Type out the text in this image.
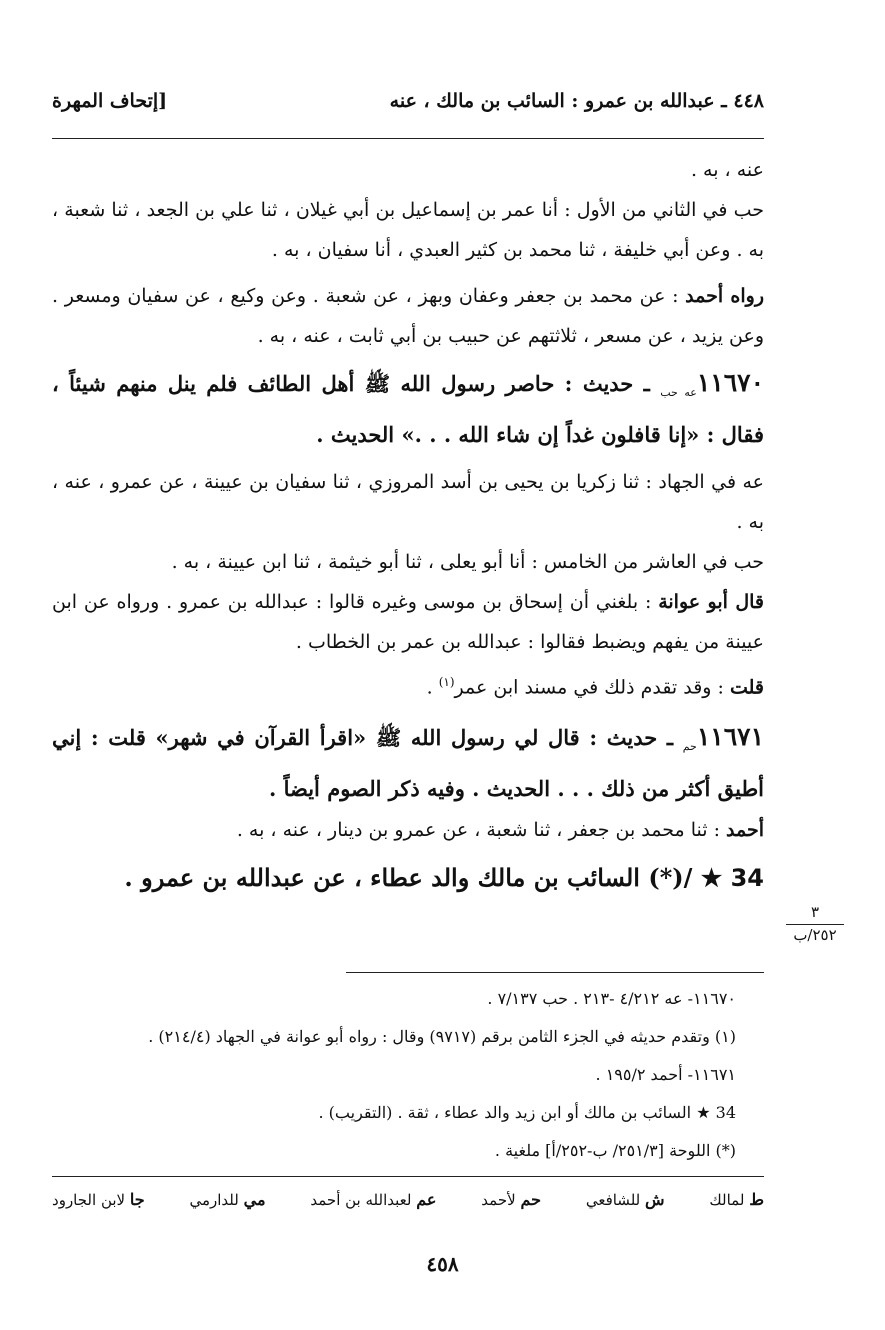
٤٤٨ ـ عبدالله بن عمرو : السائب بن مالك ، عنه
[إتحاف المهرة

عنه ، به .

حب في الثاني من الأول : أنا عمر بن إسماعيل بن أبي غيلان ، ثنا علي بن الجعد ، ثنا شعبة ، به . وعن أبي خليفة ، ثنا محمد بن كثير العبدي ، أنا سفيان ، به .

رواه أحمد : عن محمد بن جعفر وعفان وبهز ، عن شعبة . وعن وكيع ، عن سفيان ومسعر . وعن يزيد ، عن مسعر ، ثلاثتهم عن حبيب بن أبي ثابت ، عنه ، به .

$١١٦٧٠_{عه حب}$ ـ حديث : حاصر رسول الله ﷺ أهل الطائف فلم ينل منهم شيئاً ، فقال : «إنا قافلون غداً إن شاء الله . . .» الحديث .

عه في الجهاد : ثنا زكريا بن يحيى بن أسد المروزي ، ثنا سفيان بن عيينة ، عن عمرو ، عنه ، به .

حب في العاشر من الخامس : أنا أبو يعلى ، ثنا أبو خيثمة ، ثنا ابن عيينة ، به .

قال أبو عوانة : بلغني أن إسحاق بن موسى وغيره قالوا : عبدالله بن عمرو . ورواه عن ابن عيينة من يفهم ويضبط فقالوا : عبدالله بن عمر بن الخطاب .

قلت : وقد تقدم ذلك في مسند ابن عمر$^{(١)}$ .

$١١٦٧١_{حم}$ ـ حديث : قال لي رسول الله ﷺ «اقرأ القرآن في شهر» قلت : إني أطيق أكثر من ذلك . . . الحديث . وفيه ذكر الصوم أيضاً .

أحمد : ثنا محمد بن جعفر ، ثنا شعبة ، عن عمرو بن دينار ، عنه ، به .

34 ★ /(*) السائب بن مالك والد عطاء ، عن عبدالله بن عمرو .

٣
٢٥٢/ب

١١٦٧٠- عه ٤/٢١٢ -٢١٣ . حب ٧/١٣٧ .

(١) وتقدم حديثه في الجزء الثامن برقم (٩٧١٧) وقال : رواه أبو عوانة في الجهاد (٢١٤/٤) .

١١٦٧١- أحمد ١٩٥/٢ .

34 ★ السائب بن مالك أو ابن زيد والد عطاء ، ثقة . (التقريب) .

(*) اللوحة [٢٥١/٣/ ب-٢٥٢/أ] ملغية .

ط لمالك
ش للشافعي
حم لأحمد
عم لعبدالله بن أحمد
مي للدارمي
جا لابن الجارود
٤٥٨
